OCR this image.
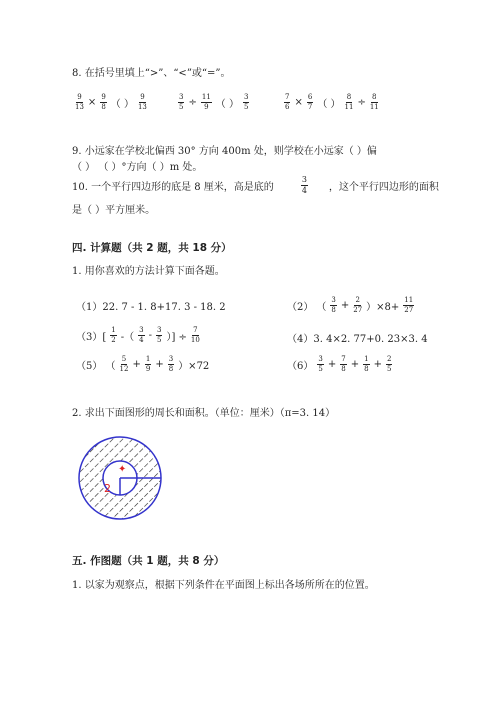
8. 在括号里填上“>”、“<”或“=”。
$\frac{9}{13} \times \frac{9}{8}$ （ ） $\frac{9}{13}$	$\frac{3}{5} \div \frac{11}{9}$ （ ） $\frac{3}{5}$	$\frac{7}{6} \times \frac{6}{7}$ （ ） $\frac{8}{11} \div \frac{8}{11}$
9. 小远家在学校北偏西 30° 方向 400m 处，则学校在小远家（ ）偏
（ ） （ ）°方向（ ）m 处。
10. 一个平行四边形的底是 8 厘米，高是底的	$\frac{3}{4}$ ，这个平行四边形的面积
是（ ）平方厘米。
四. 计算题（共 2 题，共 18 分）
1. 用你喜欢的方法计算下面各题。
（1）22. 7 - 1. 8+17. 3 - 18. 2	（2） （ $\frac{3}{8} + \frac{2}{27} )\times 8+ \frac{11}{27}$
$(3)[ \frac{1}{2}$ -（ $\frac{3}{4} - \frac{3}{5}$ ）] ÷ $\frac{7}{10}$	（4）3. 4×2. 77+0. 23×3. 4
（5） （ $\frac{5}{12} + \frac{1}{9} + \frac{3}{8} )\times 72$	$(6) \frac{3}{5} + \frac{7}{8} + \frac{1}{8} + \frac{2}{5}$
2. 求出下面图形的周长和面积。（单位：厘米）（π=3. 14）
✦
2
五. 作图题（共 1 题，共 8 分）
1. 以家为观察点，根据下列条件在平面图上标出各场所所在的位置。
